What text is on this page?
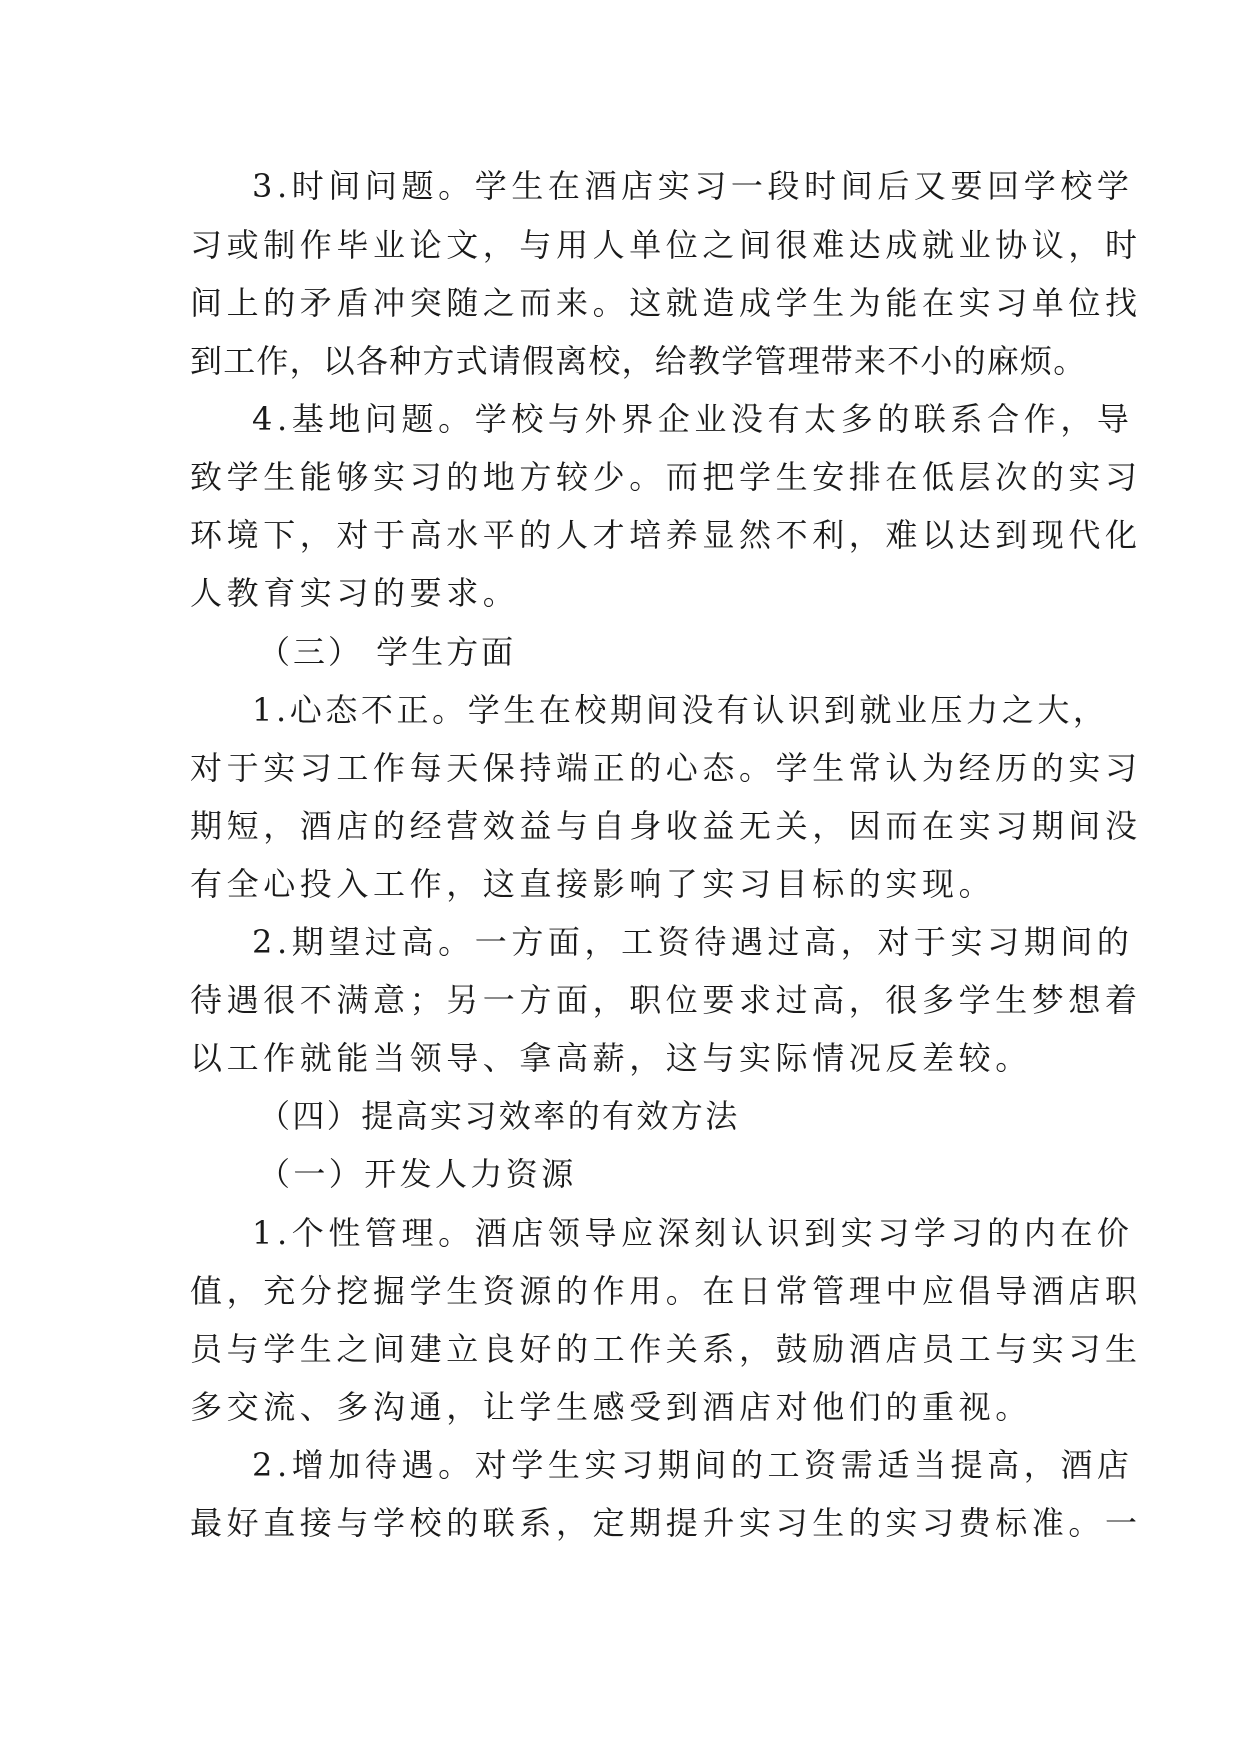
3.时间问题。学生在酒店实习一段时间后又要回学校学
习或制作毕业论文，与用人单位之间很难达成就业协议，时
间上的矛盾冲突随之而来。这就造成学生为能在实习单位找
到工作，以各种方式请假离校，给教学管理带来不小的麻烦。
4.基地问题。学校与外界企业没有太多的联系合作，导
致学生能够实习的地方较少。而把学生安排在低层次的实习
环境下，对于高水平的人才培养显然不利，难以达到现代化
人教育实习的要求。
（三） 学生方面
1.心态不正。学生在校期间没有认识到就业压力之大，
对于实习工作每天保持端正的心态。学生常认为经历的实习
期短，酒店的经营效益与自身收益无关，因而在实习期间没
有全心投入工作，这直接影响了实习目标的实现。
2.期望过高。一方面，工资待遇过高，对于实习期间的
待遇很不满意；另一方面，职位要求过高，很多学生梦想着
以工作就能当领导、拿高薪，这与实际情况反差较。
（四）提高实习效率的有效方法
（一）开发人力资源
1.个性管理。酒店领导应深刻认识到实习学习的内在价
值，充分挖掘学生资源的作用。在日常管理中应倡导酒店职
员与学生之间建立良好的工作关系，鼓励酒店员工与实习生
多交流、多沟通，让学生感受到酒店对他们的重视。
2.增加待遇。对学生实习期间的工资需适当提高，酒店
最好直接与学校的联系，定期提升实习生的实习费标准。一
